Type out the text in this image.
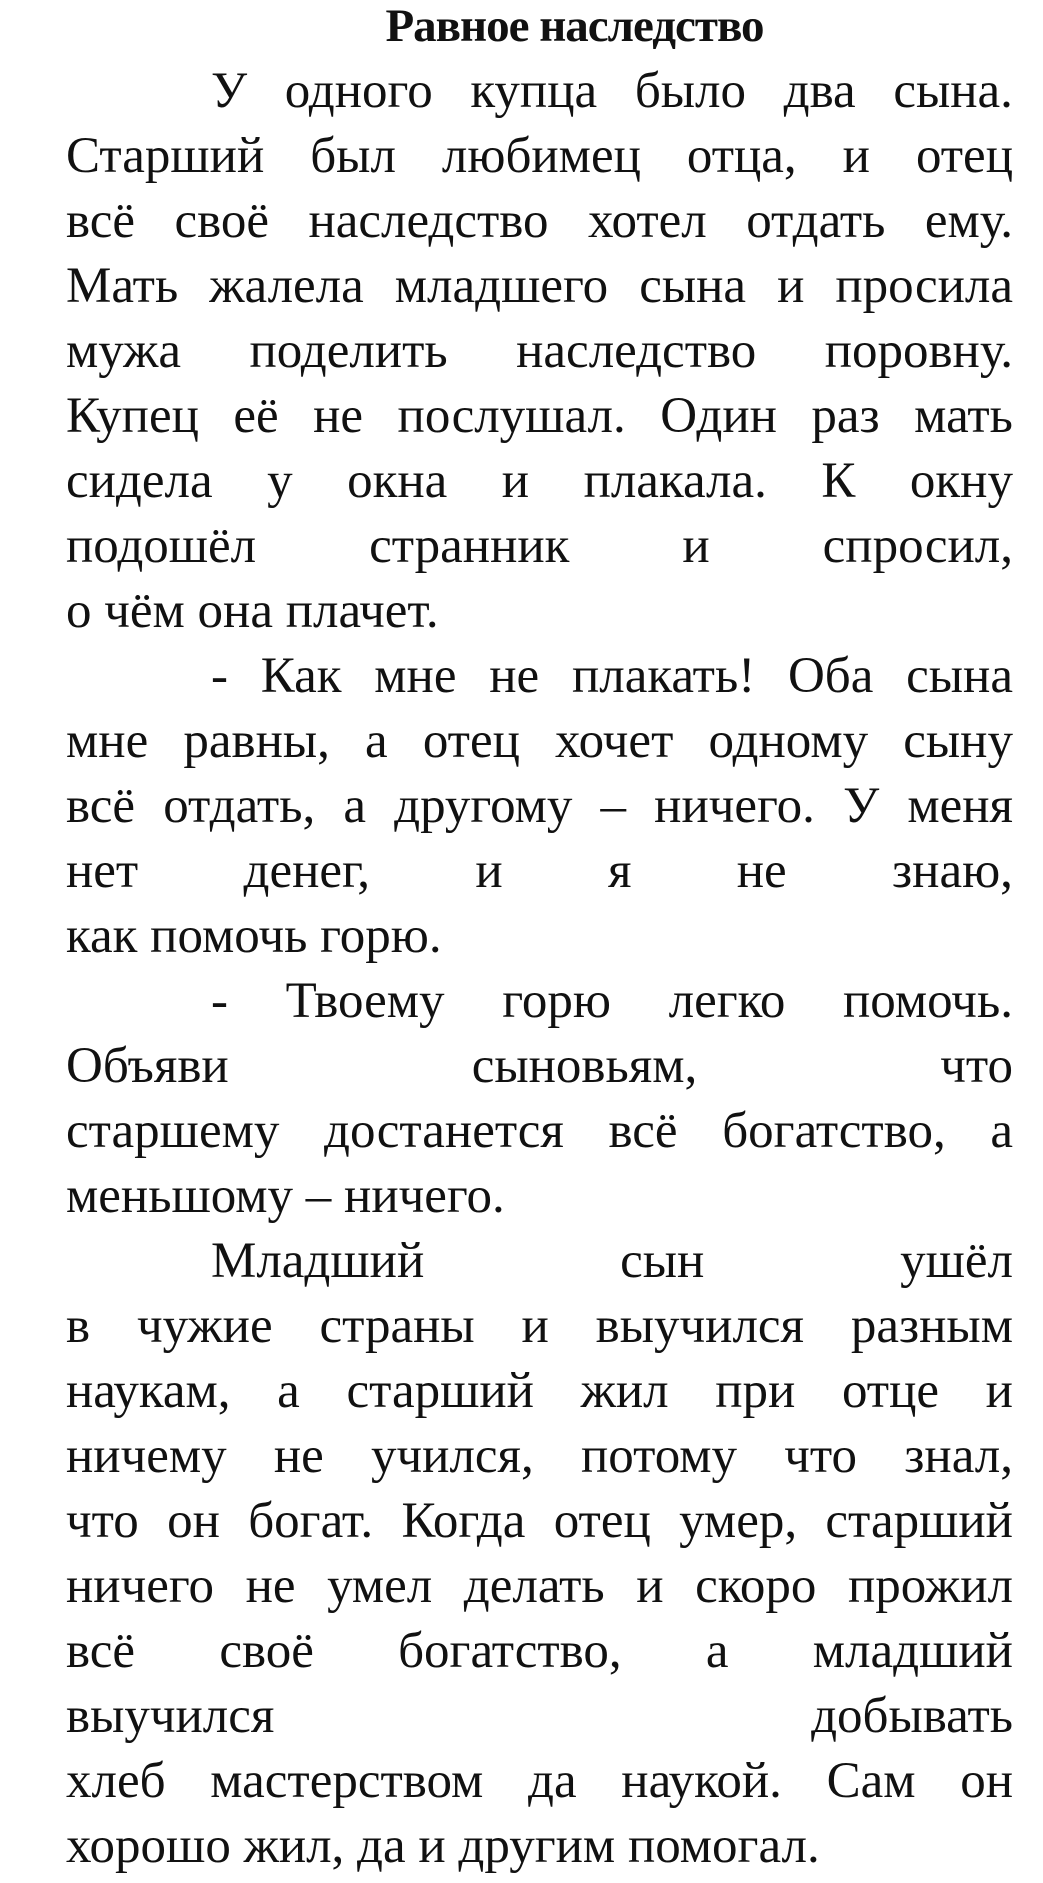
Равное наследство
У одного купца было два сына.
Старший был любимец отца, и отец
всё своё наследство хотел отдать ему.
Мать жалела младшего сына и просила
мужа поделить наследство поровну.
Купец её не послушал. Один раз мать
сидела у окна и плакала. К окну
подошёл странник и спросил,
о чём она плачет.
- Как мне не плакать! Оба сына
мне равны, а отец хочет одному сыну
всё отдать, а другому – ничего. У меня
нет денег, и я не знаю,
как помочь горю.
- Твоему горю легко помочь.
Объяви	сыновьям,	что
старшему достанется всё богатство, а
меньшому – ничего.
Младший	сын	ушёл
в чужие страны и выучился разным
наукам, а старший жил при отце и
ничему не учился, потому что знал,
что он богат. Когда отец умер, старший
ничего не умел делать и скоро прожил
всё своё богатство, а младший
выучился	добывать
хлеб мастерством да наукой. Сам он
хорошо жил, да и другим помогал.
